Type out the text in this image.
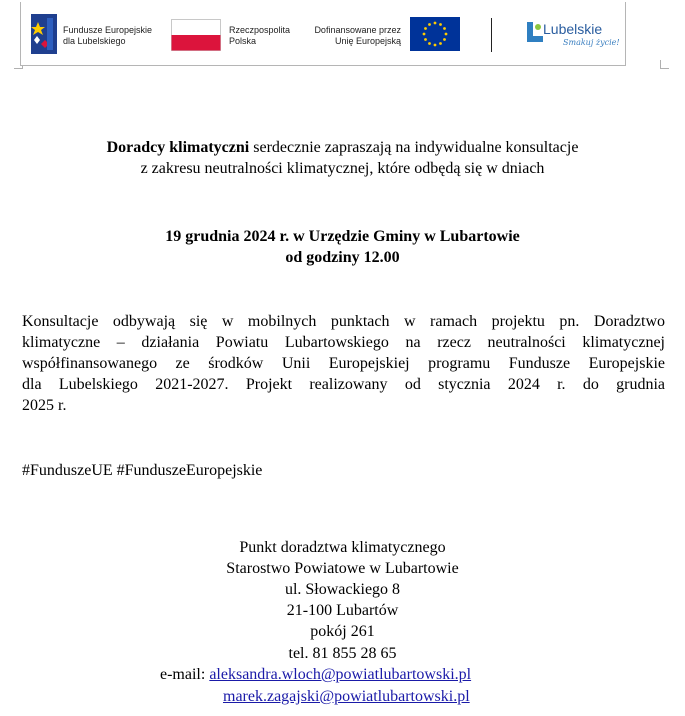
Fundusze Europejskie
dla Lubelskiego
Rzeczpospolita
Polska
Dofinansowane przez
Unię Europejską
Lubelskie
Smakuj życie!
Doradcy klimatyczni serdecznie zapraszają na indywidualne konsultacje
z zakresu neutralności klimatycznej, które odbędą się w dniach
19 grudnia 2024 r. w Urzędzie Gminy w Lubartowie
od godziny 12.00
Konsultacje odbywają się w mobilnych punktach w ramach projektu pn. Doradztwo
klimatyczne – działania Powiatu Lubartowskiego na rzecz neutralności klimatycznej
współfinansowanego ze środków Unii Europejskiej programu Fundusze Europejskie
dla Lubelskiego 2021-2027. Projekt realizowany od stycznia 2024 r. do grudnia
2025 r.
#FunduszeUE #FunduszeEuropejskie
Punkt doradztwa klimatycznego
Starostwo Powiatowe w Lubartowie
ul. Słowackiego 8
21-100 Lubartów
pokój 261
tel. 81 855 28 65
e-mail: aleksandra.wloch@powiatlubartowski.pl
marek.zagajski@powiatlubartowski.pl
